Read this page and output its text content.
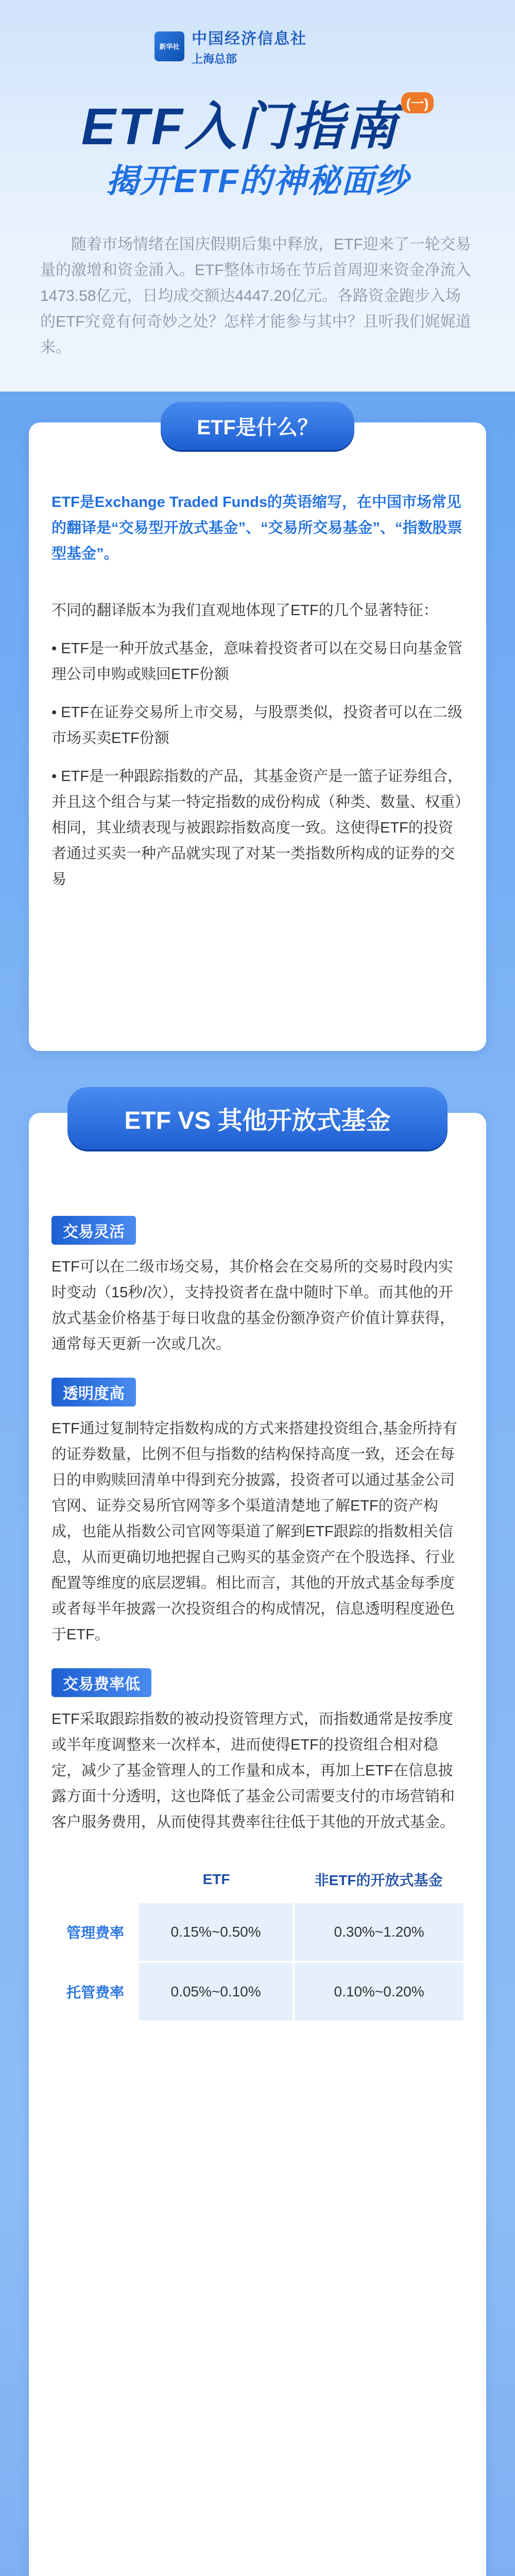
新华社 中国经济信息社
上海总部
ETF入门指南 (一)
揭开ETF的神秘面纱

随着市场情绪在国庆假期后集中释放，ETF迎来了一轮交易量的激增和资金涌入。ETF整体市场在节后首周迎来资金净流入1473.58亿元，日均成交额达4447.20亿元。各路资金跑步入场的ETF究竟有何奇妙之处？怎样才能参与其中？且听我们娓娓道来。

ETF是什么？

ETF是Exchange Traded Funds的英语缩写，在中国市场常见的翻译是“交易型开放式基金”、“交易所交易基金”、“指数股票型基金”。

不同的翻译版本为我们直观地体现了ETF的几个显著特征：

• ETF是一种开放式基金，意味着投资者可以在交易日向基金管理公司申购或赎回ETF份额

• ETF在证券交易所上市交易，与股票类似，投资者可以在二级市场买卖ETF份额

• ETF是一种跟踪指数的产品，其基金资产是一篮子证券组合，并且这个组合与某一特定指数的成份构成（种类、数量、权重）相同，其业绩表现与被跟踪指数高度一致。这使得ETF的投资者通过买卖一种产品就实现了对某一类指数所构成的证券的交易

ETF VS 其他开放式基金
交易灵活

ETF可以在二级市场交易，其价格会在交易所的交易时段内实时变动（15秒/次），支持投资者在盘中随时下单。而其他的开放式基金价格基于每日收盘的基金份额净资产价值计算获得，通常每天更新一次或几次。

透明度高

ETF通过复制特定指数构成的方式来搭建投资组合,基金所持有的证券数量，比例不但与指数的结构保持高度一致，还会在每日的申购赎回清单中得到充分披露，投资者可以通过基金公司官网、证券交易所官网等多个渠道清楚地了解ETF的资产构成，也能从指数公司官网等渠道了解到ETF跟踪的指数相关信息，从而更确切地把握自己购买的基金资产在个股选择、行业配置等维度的底层逻辑。相比而言，其他的开放式基金每季度或者每半年披露一次投资组合的构成情况，信息透明程度逊色于ETF。

交易费率低

ETF采取跟踪指数的被动投资管理方式，而指数通常是按季度或半年度调整来一次样本，进而使得ETF的投资组合相对稳定，减少了基金管理人的工作量和成本，再加上ETF在信息披露方面十分透明，这也降低了基金公司需要支付的市场营销和客户服务费用，从而使得其费率往往低于其他的开放式基金。

	ETF	非ETF的开放式基金
管理费率	0.15%~0.50%	0.30%~1.20%
托管费率	0.05%~0.10%	0.10%~0.20%
